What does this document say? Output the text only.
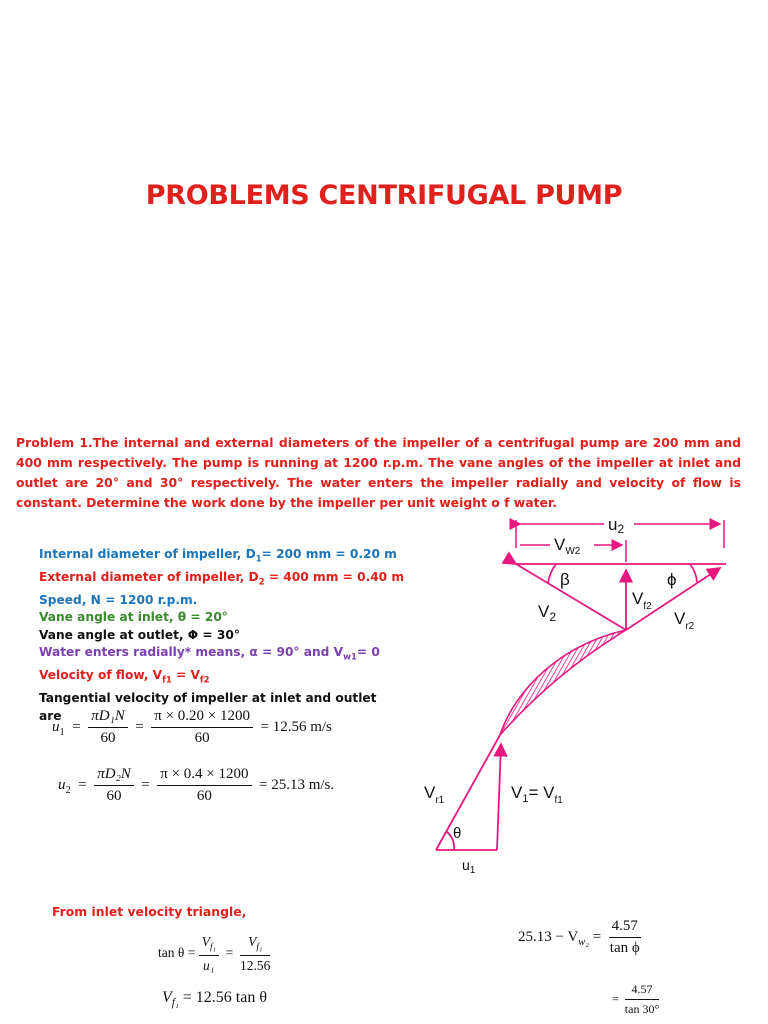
PROBLEMS CENTRIFUGAL PUMP
Problem 1.The internal and external diameters of the impeller of a centrifugal pump are 200 mm and 400 mm respectively. The pump is running at 1200 r.p.m. The vane angles of the impeller at inlet and outlet are 20° and 30° respectively. The water enters the impeller radially and velocity of flow is constant. Determine the work done by the impeller per unit weight o f water.
Internal diameter of impeller, $D_1= 200$ mm = 0.20 m
External diameter of impeller, $D_2 = 400$ mm = 0.40 m
Speed, N = 1200 r.p.m.
Vane angle at inlet, θ = 20°
Vane angle at outlet, Φ = 30°
Water enters radially* means, α = 90° and $V_{w1}= 0$
Velocity of flow, $V_{f1} = V_{f2}$
Tangential velocity of impeller at inlet and outlet
are
$u_1 = \frac{\text{πD₁N}}{60} = \frac{\pi \times 0.20 \times 1200}{60} = 12.56$ m/s
$u_2 = \frac{\text{πD₂N}}{60} = \frac{\pi \times 0.4 \times 1200}{60} = 25.13$ m/s.
From inlet velocity triangle,
$\tan \theta = \frac{V_{f_1}}{\text{u₁}} = \frac{V_{f_1}}{12.56}$
$V_{f_1} = 12.56$ tan θ
$25.13 - V_{w_2} = \frac{4.57}{\text{tan ϕ}}$
= $\frac{4.57}{\tan 30^\circ}$
u2
$V_{W2}$
β	ϕ
$V_2$
$V_{f2}$
$V_{r2}$
$V_{r1}$
θ
$V_1= V_{f1}$
$u_1$
